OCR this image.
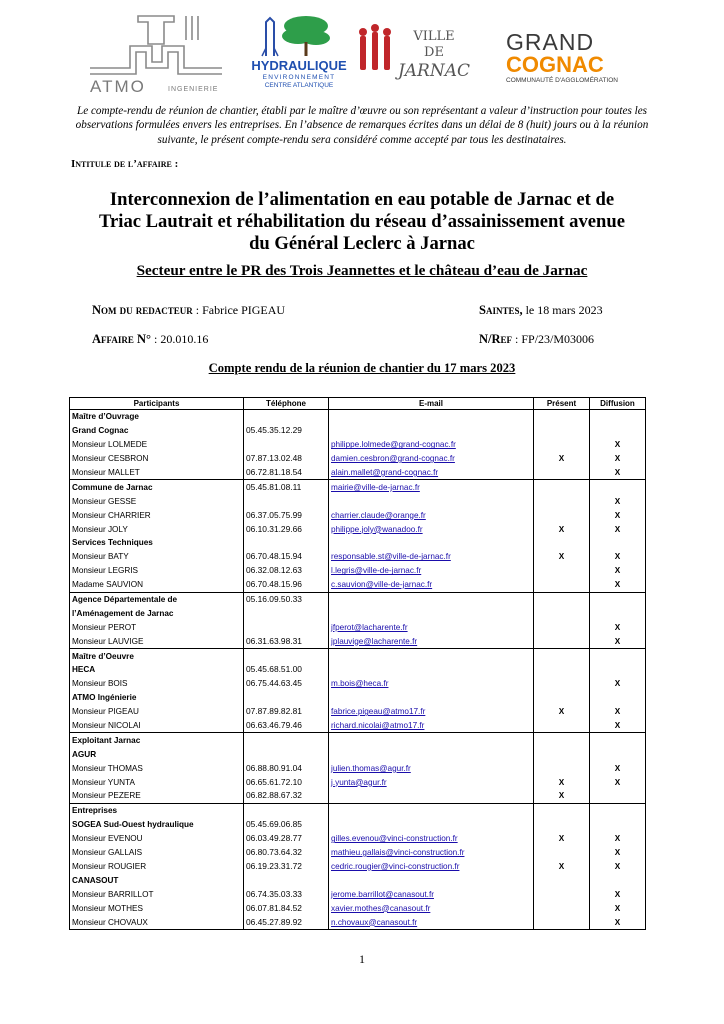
ATMO	INGENIERIE
HYDRAULIQUE
ENVIRONNEMENT
CENTRE ATLANTIQUE
VILLE
DE
JARNAC
GRAND
COGNAC
COMMUNAUTÉ D'AGGLOMÉRATION
Le compte-rendu de réunion de chantier, établi par le maître d’œuvre ou son représentant a valeur d’instruction pour toutes les observations formulées envers les entreprises. En l’absence de remarques écrites dans un délai de 8 (huit) jours ou à la réunion suivante, le présent compte-rendu sera considéré comme accepté par tous les destinataires.
Intitule de l’affaire :
Interconnexion de l’alimentation en eau potable de Jarnac et de Triac Lautrait et réhabilitation du réseau d’assainissement avenue du Général Leclerc à Jarnac
Secteur entre le PR des Trois Jeannettes et le château d’eau de Jarnac
Nom du redacteur : Fabrice PIGEAU	Saintes, le 18 mars 2023
Affaire N° : 20.010.16	N/Ref : FP/23/M03006
Compte rendu de la réunion de chantier du 17 mars 2023
Participants	Téléphone	E-mail	Présent	Diffusion
Maître d’Ouvrage				
Grand Cognac	05.45.35.12.29			
Monsieur LOLMEDE		philippe.lolmede@grand-cognac.fr		X
Monsieur CESBRON	07.87.13.02.48	damien.cesbron@grand-cognac.fr	X	X
Monsieur MALLET	06.72.81.18.54	alain.mallet@grand-cognac.fr		X
Commune de Jarnac	05.45.81.08.11	mairie@ville-de-jarnac.fr		
Monsieur GESSE				X
Monsieur CHARRIER	06.37.05.75.99	charrier.claude@orange.fr		X
Monsieur JOLY	06.10.31.29.66	philippe.joly@wanadoo.fr	X	X
Services Techniques				
Monsieur BATY	06.70.48.15.94	responsable.st@ville-de-jarnac.fr	X	X
Monsieur LEGRIS	06.32.08.12.63	l.legris@ville-de-jarnac.fr		X
Madame SAUVION	06.70.48.15.96	c.sauvion@ville-de-jarnac.fr		X
Agence Départementale de	05.16.09.50.33			
l’Aménagement de Jarnac				
Monsieur PEROT		jfperot@lacharente.fr		X
Monsieur LAUVIGE	06.31.63.98.31	jplauvige@lacharente.fr		X
Maître d’Oeuvre				
HECA	05.45.68.51.00			
Monsieur BOIS	06.75.44.63.45	m.bois@heca.fr		X
ATMO Ingénierie				
Monsieur PIGEAU	07.87.89.82.81	fabrice.pigeau@atmo17.fr	X	X
Monsieur NICOLAI	06.63.46.79.46	richard.nicolai@atmo17.fr		X
Exploitant Jarnac				
AGUR				
Monsieur THOMAS	06.88.80.91.04	julien.thomas@agur.fr		X
Monsieur YUNTA	06.65.61.72.10	j.yunta@agur.fr	X	X
Monsieur PEZERE	06.82.88.67.32		X	
Entreprises				
SOGEA Sud-Ouest hydraulique	05.45.69.06.85			
Monsieur EVENOU	06.03.49.28.77	gilles.evenou@vinci-construction.fr	X	X
Monsieur GALLAIS	06.80.73.64.32	mathieu.gallais@vinci-construction.fr		X
Monsieur ROUGIER	06.19.23.31.72	cedric.rougier@vinci-construction.fr	X	X
CANASOUT				
Monsieur BARRILLOT	06.74.35.03.33	jerome.barrillot@canasout.fr		X
Monsieur MOTHES	06.07.81.84.52	xavier.mothes@canasout.fr		X
Monsieur CHOVAUX	06.45.27.89.92	n.chovaux@canasout.fr		X
1
